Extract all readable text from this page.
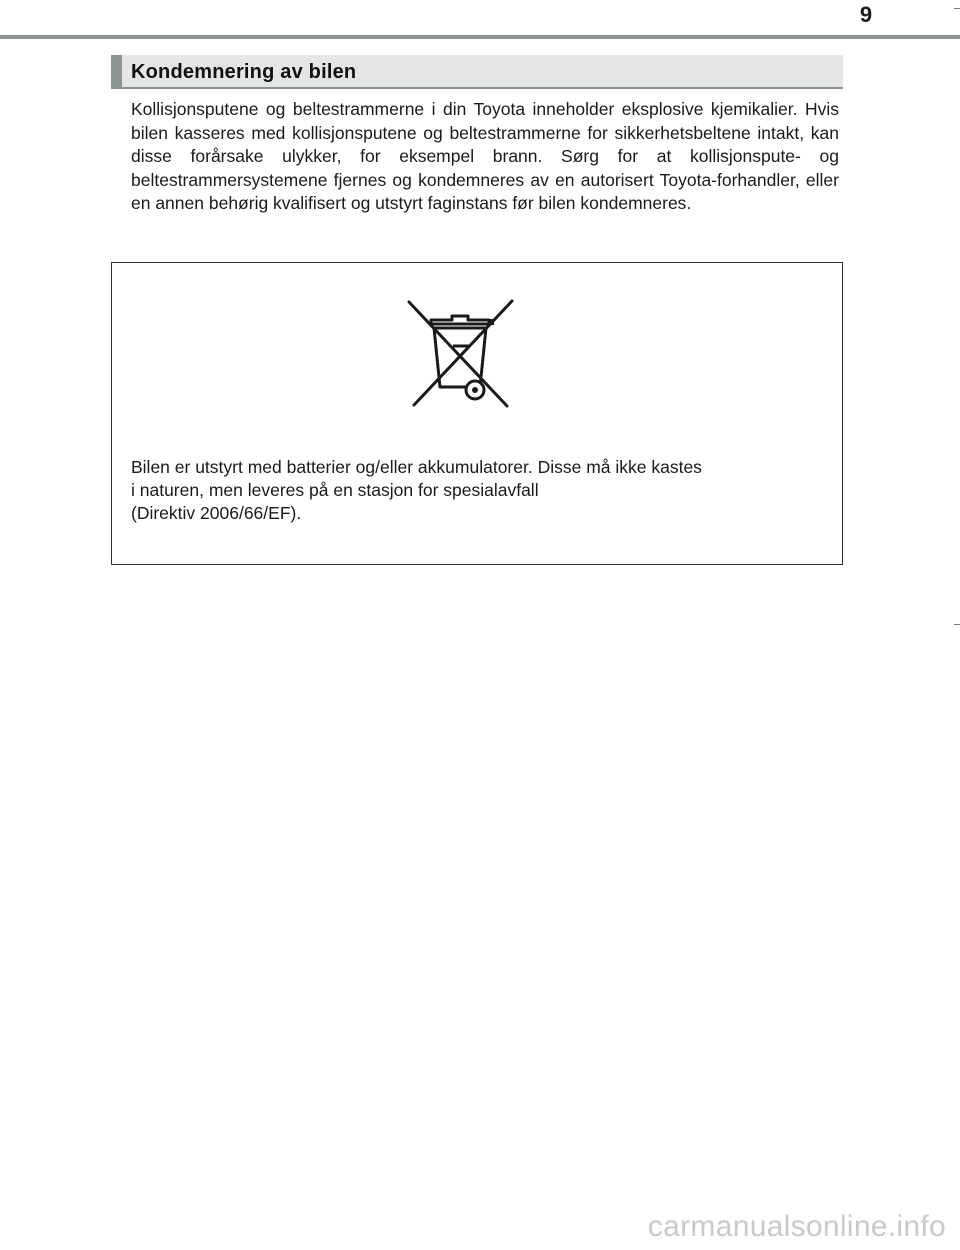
9
Kondemnering av bilen

Kollisjonsputene og beltestrammerne i din Toyota inneholder eksplosive kjemikalier. Hvis bilen kasseres med kollisjonsputene og beltestrammerne for sikkerhetsbeltene intakt, kan disse forårsake ulykker, for eksempel brann. Sørg for at kollisjonspute- og beltestrammersystemene fjernes og kondemneres av en autorisert Toyota-forhandler, eller en annen behørig kvalifisert og utstyrt faginstans før bilen kondemneres.

Bilen er utstyrt med batterier og/eller akkumulatorer. Disse må ikke kastes
i naturen, men leveres på en stasjon for spesialavfall
(Direktiv 2006/66/EF).
carmanualsonline.info
